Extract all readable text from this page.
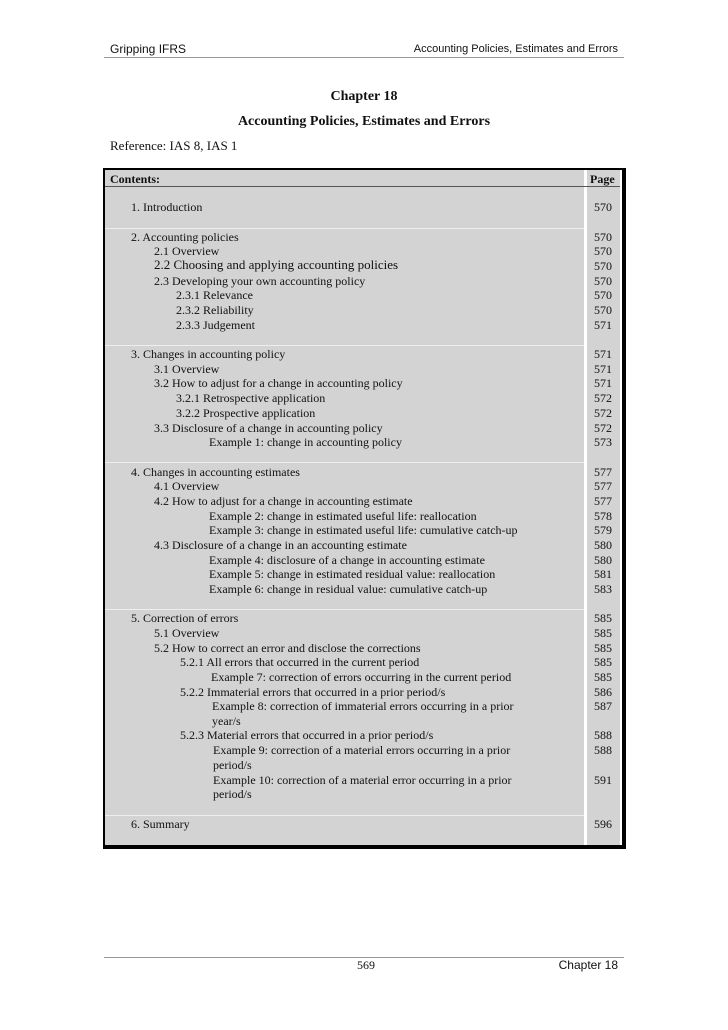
Gripping IFRS	Accounting Policies, Estimates and Errors
Chapter 18
Accounting Policies, Estimates and Errors
Reference: IAS 8, IAS 1
Contents:	Page
1. Introduction	570
2. Accounting policies	570
2.1 Overview	570
2.2 Choosing and applying accounting policies	570
2.3 Developing your own accounting policy	570
2.3.1 Relevance	570
2.3.2 Reliability	570
2.3.3 Judgement	571
3. Changes in accounting policy	571
3.1 Overview	571
3.2 How to adjust for a change in accounting policy	571
3.2.1 Retrospective application	572
3.2.2 Prospective application	572
3.3 Disclosure of a change in accounting policy	572
Example 1: change in accounting policy	573
4. Changes in accounting estimates	577
4.1 Overview	577
4.2 How to adjust for a change in accounting estimate	577
Example 2: change in estimated useful life: reallocation	578
Example 3: change in estimated useful life: cumulative catch-up	579
4.3 Disclosure of a change in an accounting estimate	580
Example 4: disclosure of a change in accounting estimate	580
Example 5: change in estimated residual value: reallocation	581
Example 6: change in residual value: cumulative catch-up	583
5. Correction of errors	585
5.1 Overview	585
5.2 How to correct an error and disclose the corrections	585
5.2.1 All errors that occurred in the current period	585
Example 7: correction of errors occurring in the current period	585
5.2.2 Immaterial errors that occurred in a prior period/s	586
Example 8: correction of immaterial errors occurring in a prior	587
year/s
5.2.3 Material errors that occurred in a prior period/s	588
Example 9: correction of a material errors occurring in a prior	588
period/s
Example 10: correction of a material error occurring in a prior	591
period/s
6. Summary	596
569	Chapter 18
